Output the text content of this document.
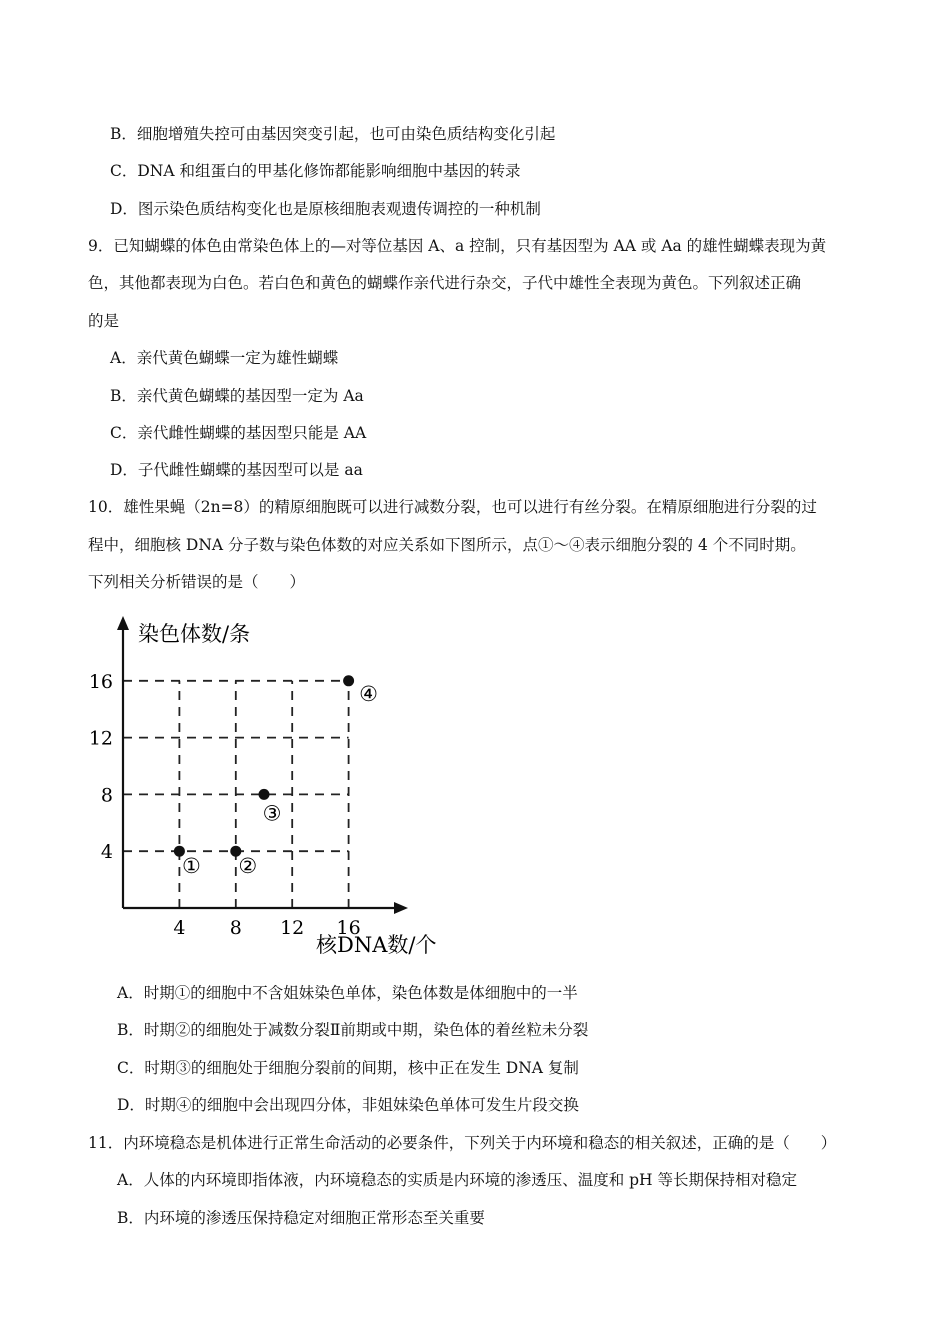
B．细胞增殖失控可由基因突变引起，也可由染色质结构变化引起
C．DNA 和组蛋白的甲基化修饰都能影响细胞中基因的转录
D．图示染色质结构变化也是原核细胞表观遗传调控的一种机制
9．已知蝴蝶的体色由常染色体上的—对等位基因 A、a 控制，只有基因型为 AA 或 Aa 的雄性蝴蝶表现为黄
色，其他都表现为白色。若白色和黄色的蝴蝶作亲代进行杂交，子代中雄性全表现为黄色。下列叙述正确
的是
A．亲代黄色蝴蝶一定为雄性蝴蝶
B．亲代黄色蝴蝶的基因型一定为 Aa
C．亲代雌性蝴蝶的基因型只能是 AA
D．子代雌性蝴蝶的基因型可以是 aa
10．雄性果蝇（2n=8）的精原细胞既可以进行减数分裂，也可以进行有丝分裂。在精原细胞进行分裂的过
程中，细胞核 DNA 分子数与染色体数的对应关系如下图所示，点①～④表示细胞分裂的 4 个不同时期。
下列相关分析错误的是（　　）
染色体数/条
核DNA数/个
4
8
12
16
4 8 12 16
① ②
③
④
A．时期①的细胞中不含姐妹染色单体，染色体数是体细胞中的一半
B．时期②的细胞处于减数分裂Ⅱ前期或中期，染色体的着丝粒未分裂
C．时期③的细胞处于细胞分裂前的间期，核中正在发生 DNA 复制
D．时期④的细胞中会出现四分体，非姐妹染色单体可发生片段交换
11．内环境稳态是机体进行正常生命活动的必要条件，下列关于内环境和稳态的相关叙述，正确的是（　　）
A．人体的内环境即指体液，内环境稳态的实质是内环境的渗透压、温度和 pH 等长期保持相对稳定
B．内环境的渗透压保持稳定对细胞正常形态至关重要
